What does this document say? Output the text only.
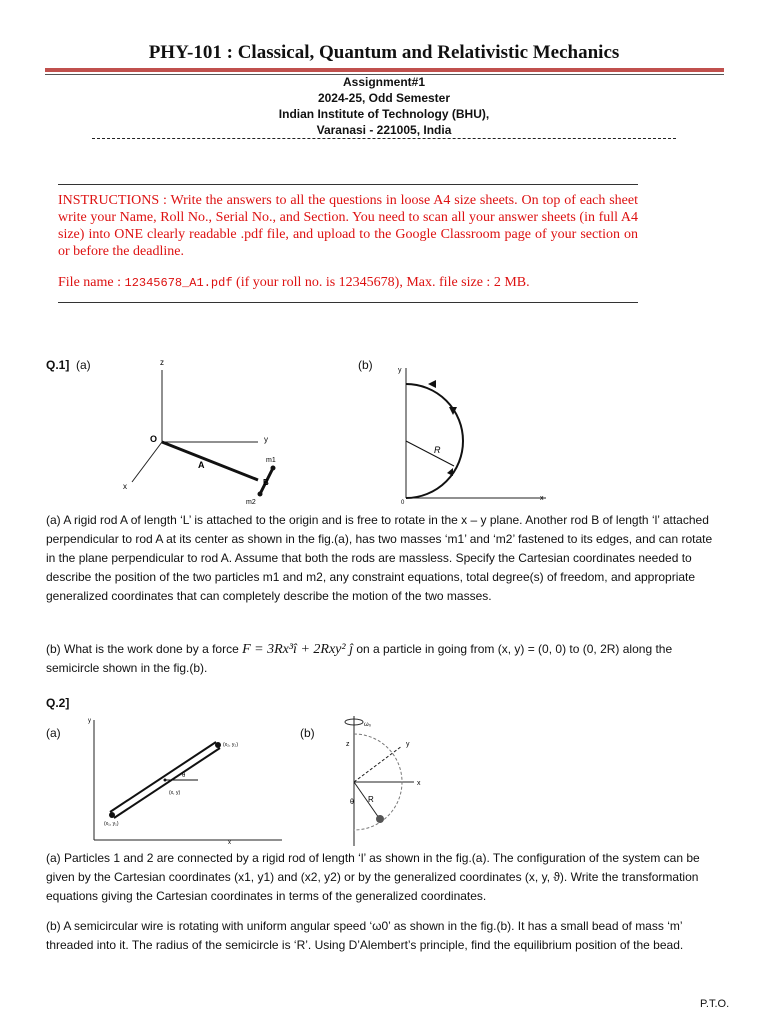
PHY-101 : Classical, Quantum and Relativistic Mechanics
Assignment#1
2024-25, Odd Semester
Indian Institute of Technology (BHU),
Varanasi - 221005, India
INSTRUCTIONS : Write the answers to all the questions in loose A4 size sheets. On top of each sheet write your Name, Roll No., Serial No., and Section. You need to scan all your answer sheets (in full A4 size) into ONE clearly readable .pdf file, and upload to the Google Classroom page of your section on or before the deadline.
File name : 12345678_A1.pdf (if your roll no. is 12345678), Max. file size : 2 MB.
Q.1] (a)	(b)
z
y
x
O
A
B
m1
m2
y
x
R
0
(a) A rigid rod A of length ‘L’ is attached to the origin and is free to rotate in the x – y plane. Another rod B of length ‘l’ attached perpendicular to rod A at its center as shown in the fig.(a), has two masses ‘m1’ and ‘m2’ fastened to its edges, and can rotate in the plane perpendicular to rod A. Assume that both the rods are massless. Specify the Cartesian coordinates needed to describe the position of the two particles m1 and m2, any constraint equations, total degree(s) of freedom, and appropriate generalized coordinates that can completely describe the motion of the two masses.
(b) What is the work done by a force F = 3Rx³î + 2Rxy² ĵ on a particle in going from (x, y) = (0, 0) to (0, 2R) along the semicircle shown in the fig.(b).
Q.2]
(a)	(b)
y
x
(x₂, y₂)
(x₁, y₁)
(x, y)
θ
ω₀
z	y
x
θ R
(a) Particles 1 and 2 are connected by a rigid rod of length ‘l’ as shown in the fig.(a). The configuration of the system can be given by the Cartesian coordinates (x1, y1) and (x2, y2) or by the generalized coordinates (x, y, ϑ). Write the transformation equations giving the Cartesian coordinates in terms of the generalized coordinates.
(b) A semicircular wire is rotating with uniform angular speed ‘ω0’ as shown in the fig.(b). It has a small bead of mass ‘m’ threaded into it. The radius of the semicircle is ‘R’. Using D’Alembert’s principle, find the equilibrium position of the bead.
P.T.O.
